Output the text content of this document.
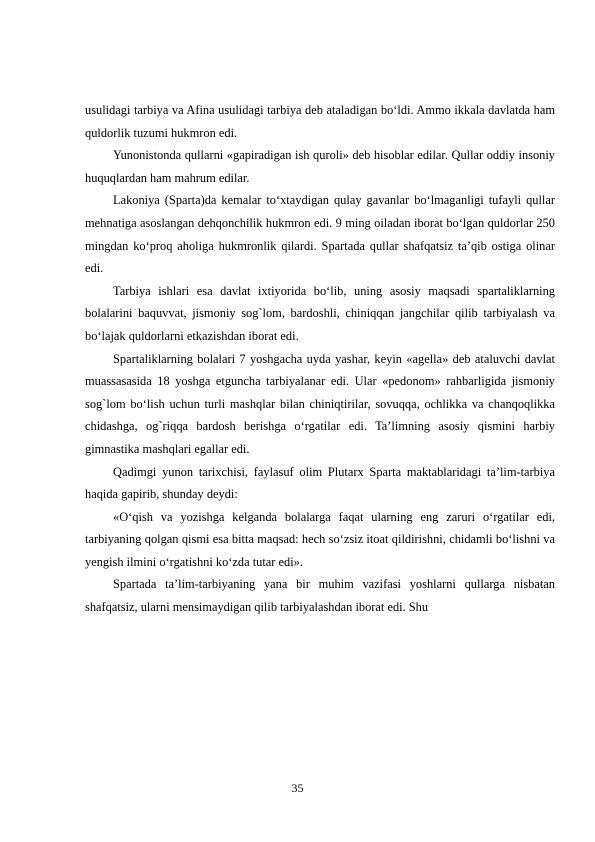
usulidagi tarbiya va Afina usulidagi tarbiya deb ataladigan bo‘ldi. Ammo ikkala davlatda ham quldorlik tuzumi hukmron edi.

Yunonistonda qullarni «gapiradigan ish quroli» deb hisoblar edilar. Qullar oddiy insoniy huquqlardan ham mahrum edilar.

Lakoniya (Sparta)da kemalar to‘xtaydigan qulay gavanlar bo‘lmaganligi tufayli qullar mehnatiga asoslangan dehqonchilik hukmron edi. 9 ming oiladan iborat bo‘lgan quldorlar 250 mingdan ko‘proq aholiga hukmronlik qilardi. Spartada qullar shafqatsiz ta’qib ostiga olinar edi.

Tarbiya ishlari esa davlat ixtiyorida bo‘lib, uning asosiy maqsadi spartaliklarning bolalarini baquvvat, jismoniy sog`lom, bardoshli, chiniqqan jangchilar qilib tarbiyalash va bo‘lajak quldorlarni etkazishdan iborat edi.

Spartaliklarning bolalari 7 yoshgacha uyda yashar, keyin «agella» deb ataluvchi davlat muassasasida 18 yoshga etguncha tarbiyalanar edi. Ular «pedonom» rahbarligida jismoniy sog`lom bo‘lish uchun turli mashqlar bilan chiniqtirilar, sovuqqa, ochlikka va chanqoqlikka chidashga, og`riqqa bardosh berishga o‘rgatilar edi. Ta’limning asosiy qismini harbiy gimnastika mashqlari egallar edi.

Qadimgi yunon tarixchisi, faylasuf olim Plutarx Sparta maktablaridagi ta’lim-tarbiya haqida gapirib, shunday deydi:

«O‘qish va yozishga kelganda bolalarga faqat ularning eng zaruri o‘rgatilar edi, tarbiyaning qolgan qismi esa bitta maqsad: hech so‘zsiz itoat qildirishni, chidamli bo‘lishni va yengish ilmini o‘rgatishni ko‘zda tutar edi».

Spartada ta’lim-tarbiyaning yana bir muhim vazifasi yoshlarni qullarga nisbatan shafqatsiz, ularni mensimaydigan qilib tarbiyalashdan iborat edi. Shu

35
